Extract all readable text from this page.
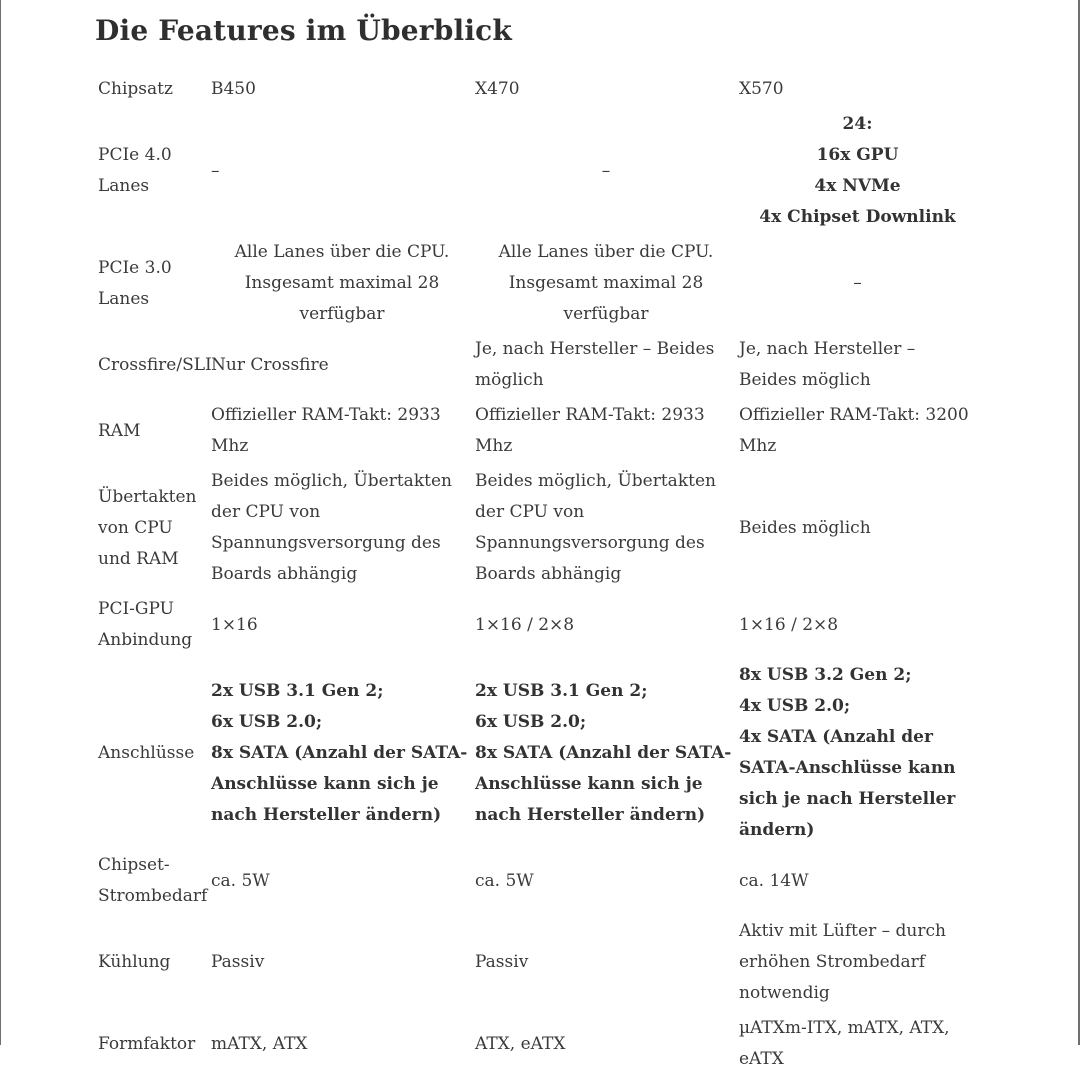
Die Features im Überblick
Chipsatz	B450	X470	X570
PCIe 4.0 Lanes	–	–	24:
16x GPU
4x NVMe
4x Chipset Downlink
PCIe 3.0 Lanes	Alle Lanes über die CPU. Insgesamt maximal 28 verfügbar	Alle Lanes über die CPU. Insgesamt maximal 28 verfügbar	–
Crossfire/SLI	Nur Crossfire	Je, nach Hersteller – Beides möglich	Je, nach Hersteller – Beides möglich
RAM	Offizieller RAM-Takt: 2933 Mhz	Offizieller RAM-Takt: 2933 Mhz	Offizieller RAM-Takt: 3200 Mhz
Übertakten von CPU und RAM	Beides möglich, Übertakten der CPU von Spannungsversorgung des Boards abhängig	Beides möglich, Übertakten der CPU von Spannungsversorgung des Boards abhängig	Beides möglich
PCI-GPU Anbindung	1×16	1×16 / 2×8	1×16 / 2×8
Anschlüsse	2x USB 3.1 Gen 2;
6x USB 2.0;
8x SATA (Anzahl der SATA-Anschlüsse kann sich je nach Hersteller ändern)	2x USB 3.1 Gen 2;
6x USB 2.0;
8x SATA (Anzahl der SATA-Anschlüsse kann sich je nach Hersteller ändern)	8x USB 3.2 Gen 2;
4x USB 2.0;
4x SATA (Anzahl der SATA-Anschlüsse kann sich je nach Hersteller ändern)
Chipset-Strombedarf	ca. 5W	ca. 5W	ca. 14W
Kühlung	Passiv	Passiv	Aktiv mit Lüfter – durch erhöhen Strombedarf notwendig
Formfaktor	mATX, ATX	ATX, eATX	µATXm-ITX, mATX, ATX, eATX
